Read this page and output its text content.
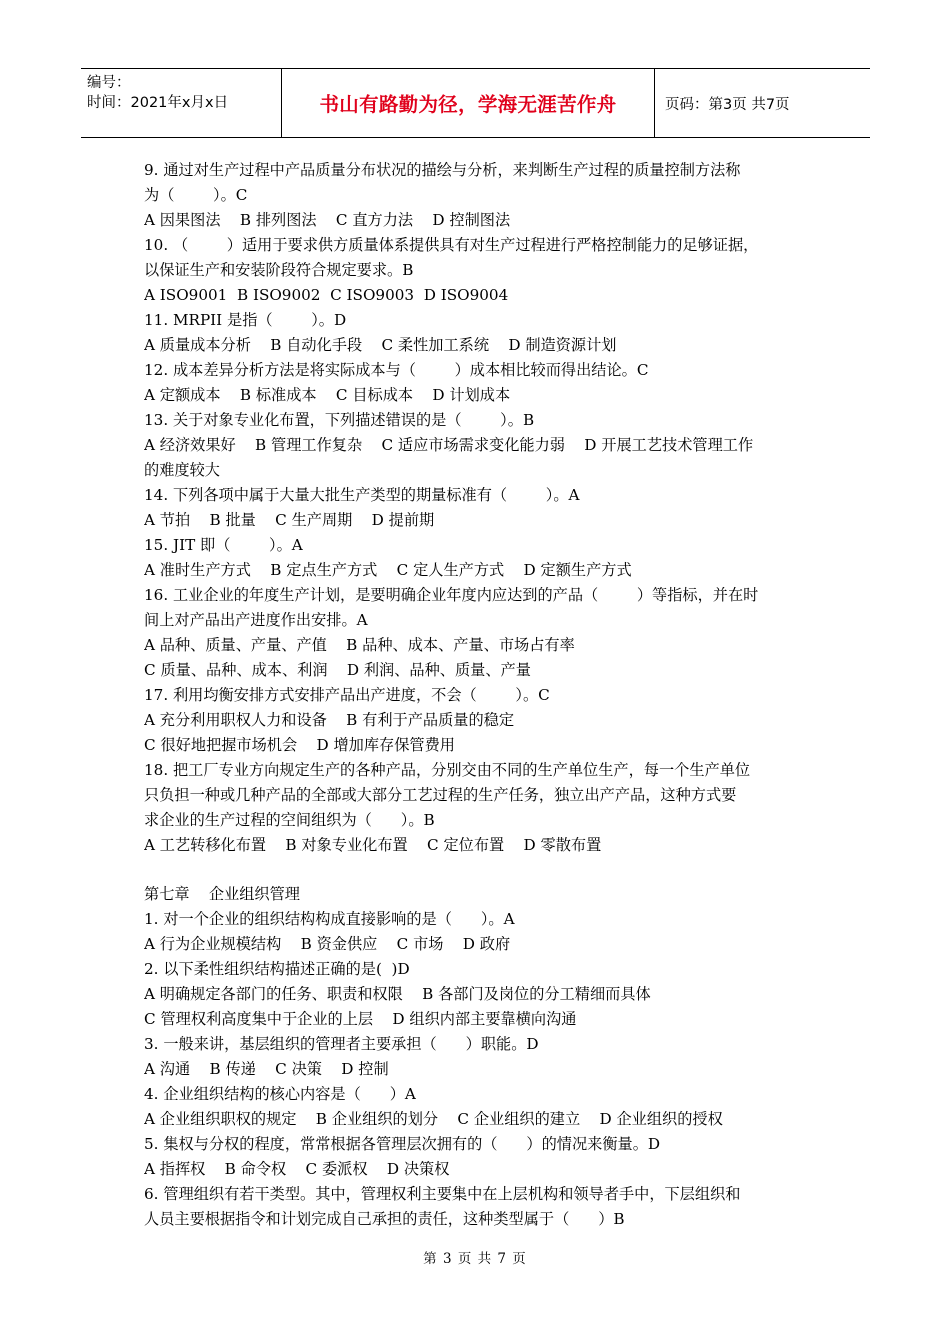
编号：
时间：2021年x月x日	书山有路勤为径，学海无涯苦作舟	页码：第3页 共7页
9. 通过对生产过程中产品质量分布状况的描绘与分析，来判断生产过程的质量控制方法称
为（        ）。C
A 因果图法    B 排列图法    C 直方力法    D 控制图法
10. （        ）适用于要求供方质量体系提供具有对生产过程进行严格控制能力的足够证据，
以保证生产和安装阶段符合规定要求。B
A ISO9001  B ISO9002  C ISO9003  D ISO9004
11. MRPII 是指（        ）。D
A 质量成本分析    B 自动化手段    C 柔性加工系统    D 制造资源计划
12. 成本差异分析方法是将实际成本与（        ）成本相比较而得出结论。C
A 定额成本    B 标准成本    C 目标成本    D 计划成本
13. 关于对象专业化布置，下列描述错误的是（        ）。B
A 经济效果好    B 管理工作复杂    C 适应市场需求变化能力弱    D 开展工艺技术管理工作
的难度较大
14. 下列各项中属于大量大批生产类型的期量标准有（        ）。A
A 节拍    B 批量    C 生产周期    D 提前期
15. JIT 即（        ）。A
A 准时生产方式    B 定点生产方式    C 定人生产方式    D 定额生产方式
16. 工业企业的年度生产计划，是要明确企业年度内应达到的产品（        ）等指标，并在时
间上对产品出产进度作出安排。A
A 品种、质量、产量、产值    B 品种、成本、产量、市场占有率
C 质量、品种、成本、利润    D 利润、品种、质量、产量
17. 利用均衡安排方式安排产品出产进度，不会（        ）。C
A 充分利用职权人力和设备    B 有利于产品质量的稳定
C 很好地把握市场机会    D 增加库存保管费用
18. 把工厂专业方向规定生产的各种产品，分别交由不同的生产单位生产，每一个生产单位
只负担一种或几种产品的全部或大部分工艺过程的生产任务，独立出产产品，这种方式要
求企业的生产过程的空间组织为（      ）。B
A 工艺转移化布置    B 对象专业化布置    C 定位布置    D 零散布置
第七章    企业组织管理
1. 对一个企业的组织结构构成直接影响的是（      ）。A
A 行为企业规模结构    B 资金供应    C 市场    D 政府
2. 以下柔性组织结构描述正确的是(  )D
A 明确规定各部门的任务、职责和权限    B 各部门及岗位的分工精细而具体
C 管理权利高度集中于企业的上层    D 组织内部主要靠横向沟通
3. 一般来讲，基层组织的管理者主要承担（      ）职能。D
A 沟通    B 传递    C 决策    D 控制
4. 企业组织结构的核心内容是（      ）A
A 企业组织职权的规定    B 企业组织的划分    C 企业组织的建立    D 企业组织的授权
5. 集权与分权的程度，常常根据各管理层次拥有的（      ）的情况来衡量。D
A 指挥权    B 命令权    C 委派权    D 决策权
6. 管理组织有若干类型。其中，管理权利主要集中在上层机构和领导者手中，下层组织和
人员主要根据指令和计划完成自己承担的责任，这种类型属于（      ）B
第 3 页 共 7 页
